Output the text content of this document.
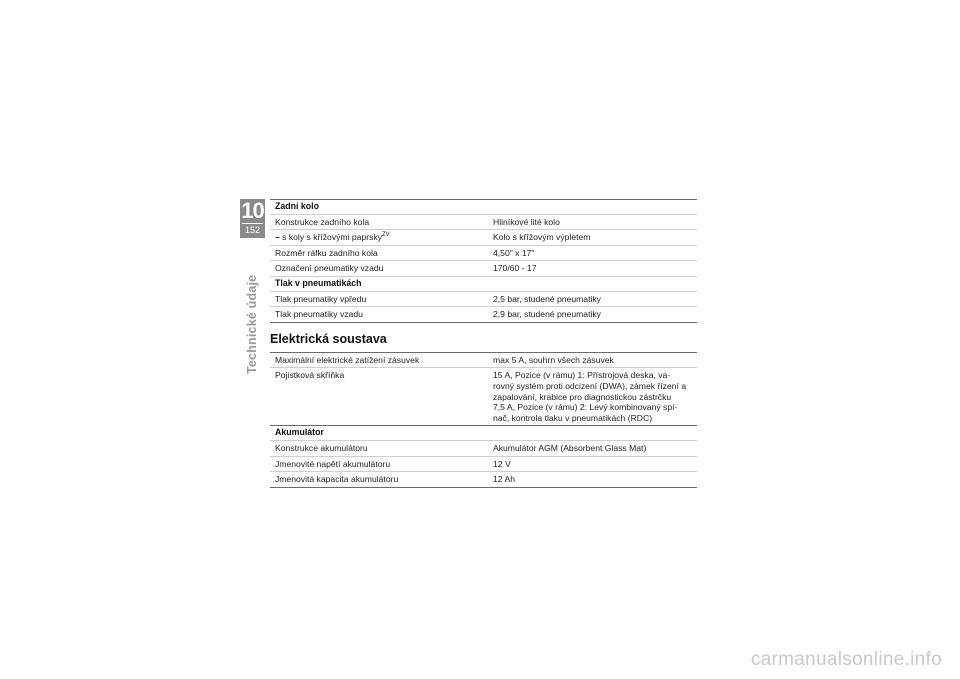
10
152
Technické údaje
Zadní kolo	
Konstrukce zadního kola	Hliníkové lité kolo
– s koly s křížovými paprsky$^{ZV}$	Kolo s křížovým výpletem
Rozměr ráfku zadního kola	4,50" x 17"
Označení pneumatiky vzadu	170/60 - 17
Tlak v pneumatikách	
Tlak pneumatiky vpředu	2,5 bar, studené pneumatiky
Tlak pneumatiky vzadu	2,9 bar, studené pneumatiky
Elektrická soustava

Maximální elektrické zatížení zásuvek	max 5 A, souhrn všech zásuvek
Pojistková skříňka	15 A, Pozice (v rámu) 1: Přístrojová deska, va-
rovný systém proti odcizení (DWA), zámek řízení a
zapalování, krabice pro diagnostickou zástrčku
7,5 A, Pozice (v rámu) 2: Levý kombinovaný spí-
nač, kontrola tlaku v pneumatikách (RDC)

Akumulátor	
Konstrukce akumulátoru	Akumulátor AGM (Absorbent Glass Mat)
Jmenovité napětí akumulátoru	12 V
Jmenovitá kapacita akumulátoru	12 Ah
carmanualsonline.info
